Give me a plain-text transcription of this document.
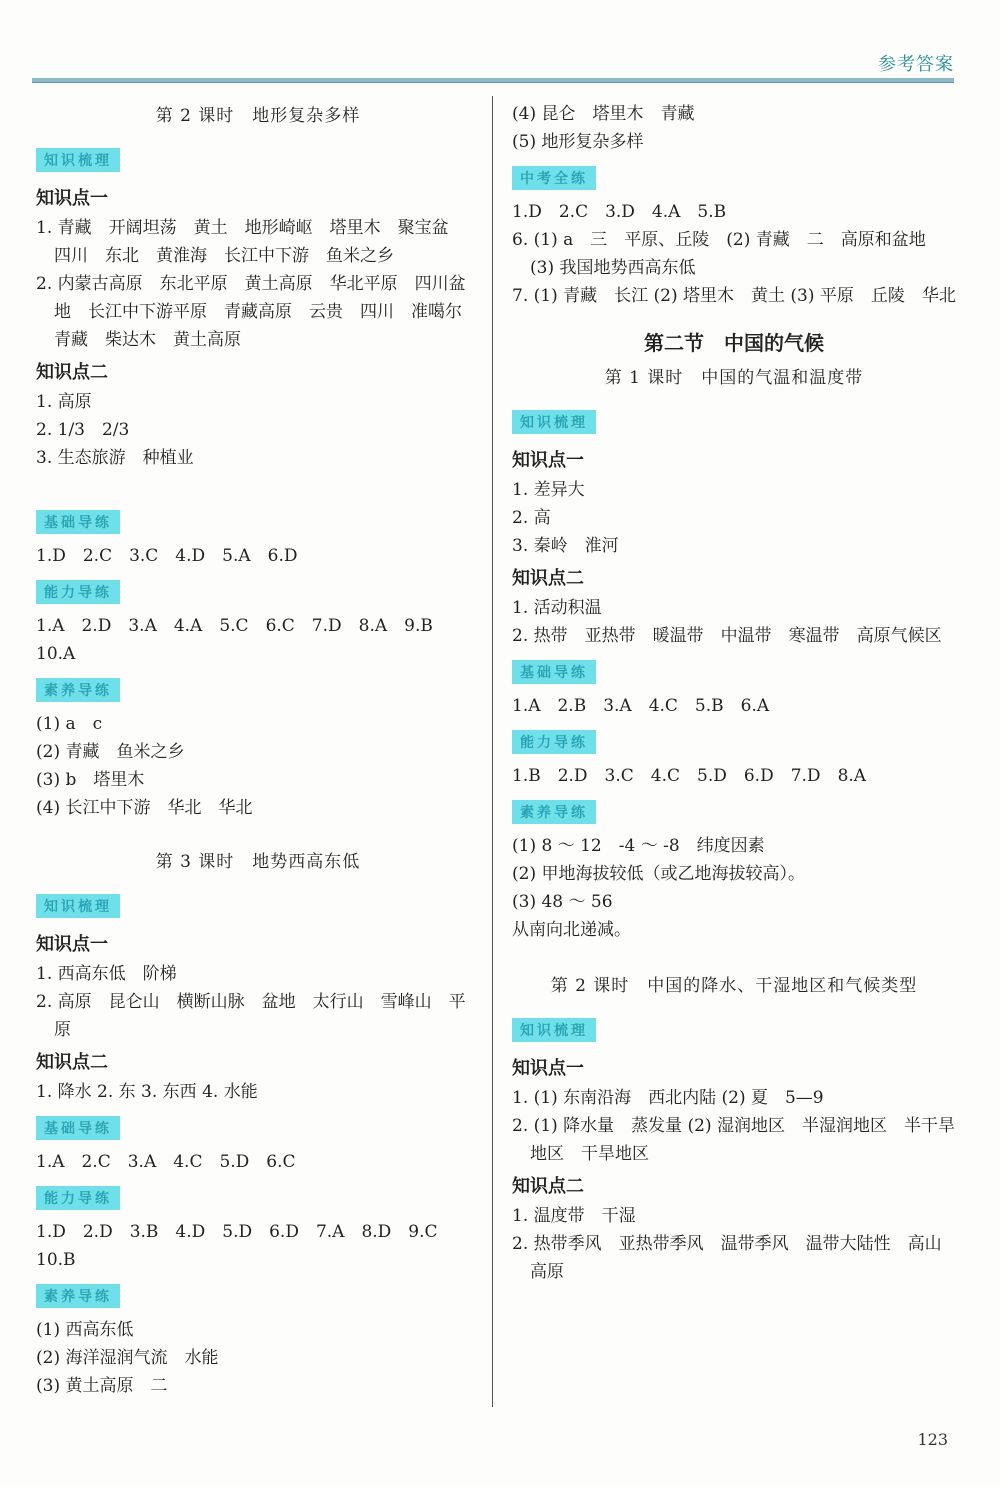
参考答案
第 2 课时　地形复杂多样
知识梳理
知识点一
1. 青藏　开阔坦荡　黄土　地形崎岖　塔里木　聚宝盆　四川　东北　黄淮海　长江中下游　鱼米之乡
2. 内蒙古高原　东北平原　黄土高原　华北平原　四川盆地　长江中下游平原　青藏高原　云贵　四川　准噶尔　青藏　柴达木　黄土高原
知识点二
1. 高原
2. 1/3　2/3
3. 生态旅游　种植业
基础导练
1.D　2.C　3.C　4.D　5.A　6.D
能力导练
1.A　2.D　3.A　4.A　5.C　6.C　7.D　8.A　9.B　10.A
素养导练
(1) a　c
(2) 青藏　鱼米之乡
(3) b　塔里木
(4) 长江中下游　华北　华北
第 3 课时　地势西高东低
知识梳理
知识点一
1. 西高东低　阶梯
2. 高原　昆仑山　横断山脉　盆地　太行山　雪峰山　平原
知识点二
1. 降水 2. 东 3. 东西 4. 水能
基础导练
1.A　2.C　3.A　4.C　5.D　6.C
能力导练
1.D　2.D　3.B　4.D　5.D　6.D　7.A　8.D　9.C　10.B
素养导练
(1) 西高东低
(2) 海洋湿润气流　水能
(3) 黄土高原　二
(4) 昆仑　塔里木　青藏
(5) 地形复杂多样
中考全练
1.D　2.C　3.D　4.A　5.B
6. (1) a　三　平原、丘陵　(2) 青藏　二　高原和盆地　(3) 我国地势西高东低
7. (1) 青藏　长江 (2) 塔里木　黄土 (3) 平原　丘陵　华北
第二节　中国的气候
第 1 课时　中国的气温和温度带
知识梳理
知识点一
1. 差异大
2. 高
3. 秦岭　淮河
知识点二
1. 活动积温
2. 热带　亚热带　暖温带　中温带　寒温带　高原气候区
基础导练
1.A　2.B　3.A　4.C　5.B　6.A
能力导练
1.B　2.D　3.C　4.C　5.D　6.D　7.D　8.A
素养导练
(1) 8 ～ 12　-4 ～ -8　纬度因素
(2) 甲地海拔较低（或乙地海拔较高）。
(3) 48 ～ 56
从南向北递减。
第 2 课时　中国的降水、干湿地区和气候类型
知识梳理
知识点一
1. (1) 东南沿海　西北内陆 (2) 夏　5—9
2. (1) 降水量　蒸发量 (2) 湿润地区　半湿润地区　半干旱地区　干旱地区
知识点二
1. 温度带　干湿
2. 热带季风　亚热带季风　温带季风　温带大陆性　高山高原
123
